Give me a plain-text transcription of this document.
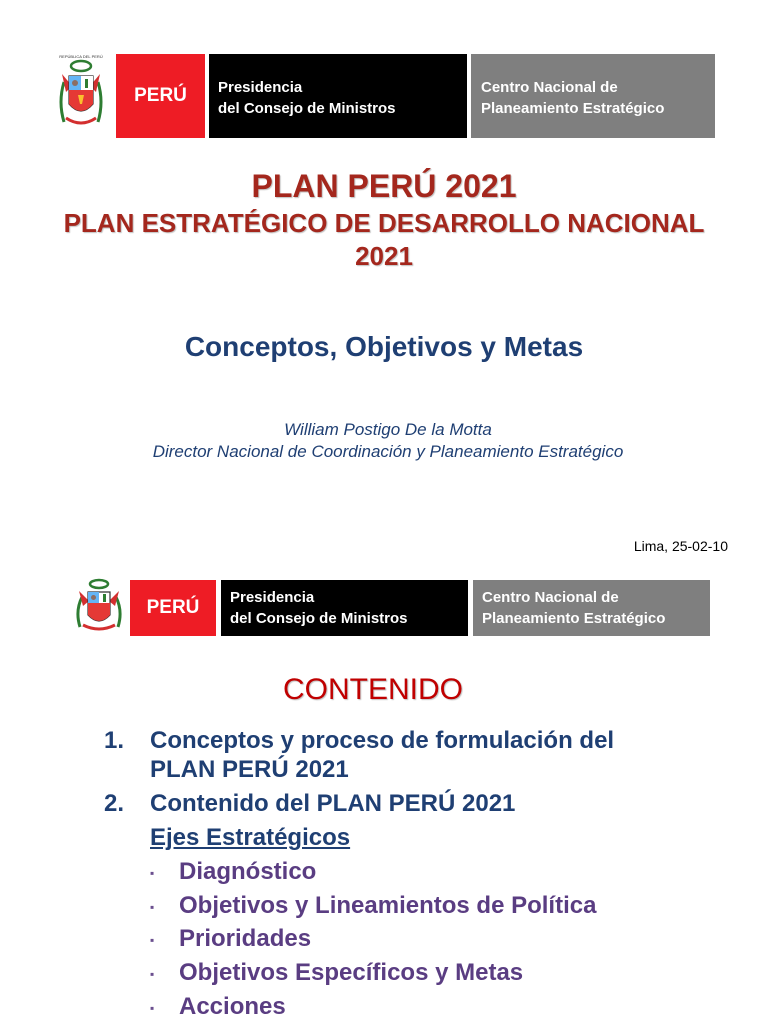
REPÚBLICA DEL PERÚ
PERÚ Presidencia
del Consejo de Ministros
Centro Nacional de
Planeamiento Estratégico
PLAN PERÚ 2021
PLAN ESTRATÉGICO DE DESARROLLO NACIONAL
2021
Conceptos, Objetivos y Metas
William Postigo De la Motta
Director Nacional de Coordinación y Planeamiento Estratégico
Lima, 25-02-10
PERÚ Presidencia
del Consejo de Ministros
Centro Nacional de
Planeamiento Estratégico
CONTENIDO
1. Conceptos y proceso de formulación del
PLAN PERÚ 2021
2. Contenido del PLAN PERÚ 2021
Ejes Estratégicos
▪ Diagnóstico
▪ Objetivos y Lineamientos de Política
▪ Prioridades
▪ Objetivos Específicos y Metas
▪ Acciones
